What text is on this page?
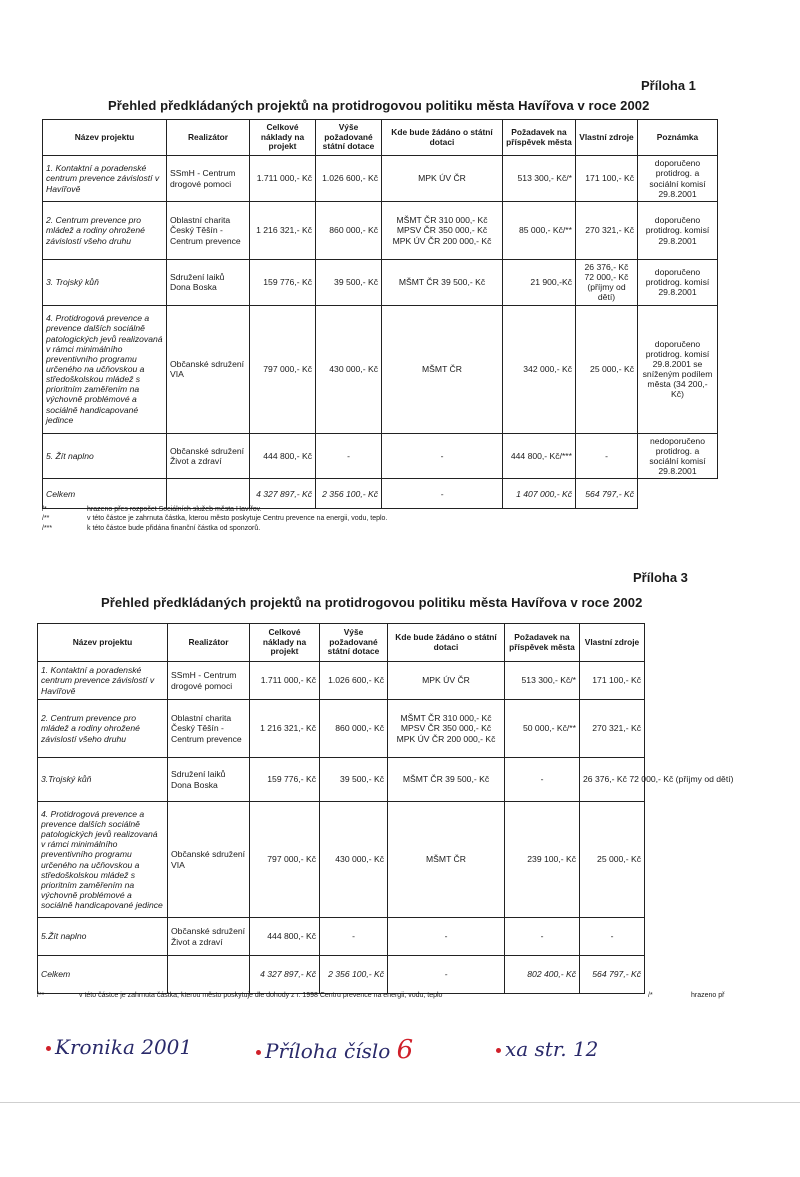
Příloha 1
Přehled předkládaných projektů na protidrogovou politiku města Havířova v roce 2002
Název projektu	Realizátor	Celkové náklady na projekt	Výše požadované státní dotace	Kde bude žádáno o státní dotaci	Požadavek na příspěvek města	Vlastní zdroje	Poznámka
1. Kontaktní a poradenské centrum prevence závislostí v Havířově	SSmH - Centrum drogové pomoci	1.711 000,- Kč	1.026 600,- Kč	MPK ÚV ČR	513 300,- Kč/*	171 100,- Kč	doporučeno protidrog. a sociální komisí 29.8.2001
2. Centrum prevence pro mládež a rodiny ohrožené závislostí všeho druhu	Oblastní charita Český Těšín - Centrum prevence	1 216 321,- Kč	860 000,- Kč	MŠMT ČR 310 000,- Kč
MPSV ČR 350 000,- Kč
MPK ÚV ČR 200 000,- Kč	85 000,- Kč/**	270 321,- Kč	doporučeno protidrog. komisí 29.8.2001
3. Trojský kůň	Sdružení laiků Dona Boska	159 776,- Kč	39 500,- Kč	MŠMT ČR 39 500,- Kč	21 900,-Kč	26 376,- Kč
72 000,- Kč
(příjmy od dětí)	doporučeno protidrog. komisí 29.8.2001
4. Protidrogová prevence a prevence dalších sociálně patologických jevů realizovaná v rámci minimálního preventivního programu určeného na učňovskou a středoškolskou mládež s prioritním zaměřením na výchovně problémové a sociálně handicapované jedince	Občanské sdružení VIA	797 000,- Kč	430 000,- Kč	MŠMT ČR	342 000,- Kč	25 000,- Kč	doporučeno protidrog. komisí 29.8.2001 se sníženým podílem města (34 200,- Kč)
5. Žít naplno	Občanské sdružení Život a zdraví	444 800,- Kč	-	-	444 800,- Kč/***	-	nedoporučeno protidrog. a sociální komisí 29.8.2001
Celkem		4 327 897,- Kč	2 356 100,- Kč	-	1 407 000,- Kč	564 797,- Kč	
/*	hrazeno přes rozpočet Sociálních služeb města Havířov.
/**	v této částce je zahrnuta částka, kterou město poskytuje Centru prevence na energii, vodu, teplo.
/***	k této částce bude přidána finanční částka od sponzorů.
Příloha 3
Přehled předkládaných projektů na protidrogovou politiku města Havířova v roce 2002
Název projektu	Realizátor	Celkové náklady na projekt	Výše požadované státní dotace	Kde bude žádáno o státní dotaci	Požadavek na příspěvek města	Vlastní zdroje
1. Kontaktní a poradenské centrum prevence závislostí v Havířově	SSmH - Centrum drogové pomoci	1.711 000,- Kč	1.026 600,- Kč	MPK ÚV ČR	513 300,- Kč/*	171 100,- Kč
2. Centrum prevence pro mládež a rodiny ohrožené závislostí všeho druhu	Oblastní charita Český Těšín - Centrum prevence	1 216 321,- Kč	860 000,- Kč	MŠMT ČR 310 000,- Kč
MPSV ČR 350 000,- Kč
MPK ÚV ČR 200 000,- Kč	50 000,- Kč/**	270 321,- Kč
3.Trojský kůň	Sdružení laiků Dona Boska	159 776,- Kč	39 500,- Kč	MŠMT ČR 39 500,- Kč	-	26 376,- Kč 72 000,- Kč (příjmy od dětí)
4. Protidrogová prevence a prevence dalších sociálně patologických jevů realizovaná v rámci minimálního preventivního programu určeného na učňovskou a středoškolskou mládež s prioritním zaměřením na výchovně problémové a sociálně handicapované jedince	Občanské sdružení VIA	797 000,- Kč	430 000,- Kč	MŠMT ČR	239 100,- Kč	25 000,- Kč
5.Žít naplno	Občanské sdružení Život a zdraví	444 800,- Kč	-	-	-	-
Celkem		4 327 897,- Kč	2 356 100,- Kč	-	802 400,- Kč	564 797,- Kč
/**	v této částce je zahrnuta částka, kterou město poskytuje dle dohody z r. 1998 Centru prevence na energii, vodu, teplo	/*	hrazeno př
Kronika 2001	Příloha číslo 6	xa str. 12
